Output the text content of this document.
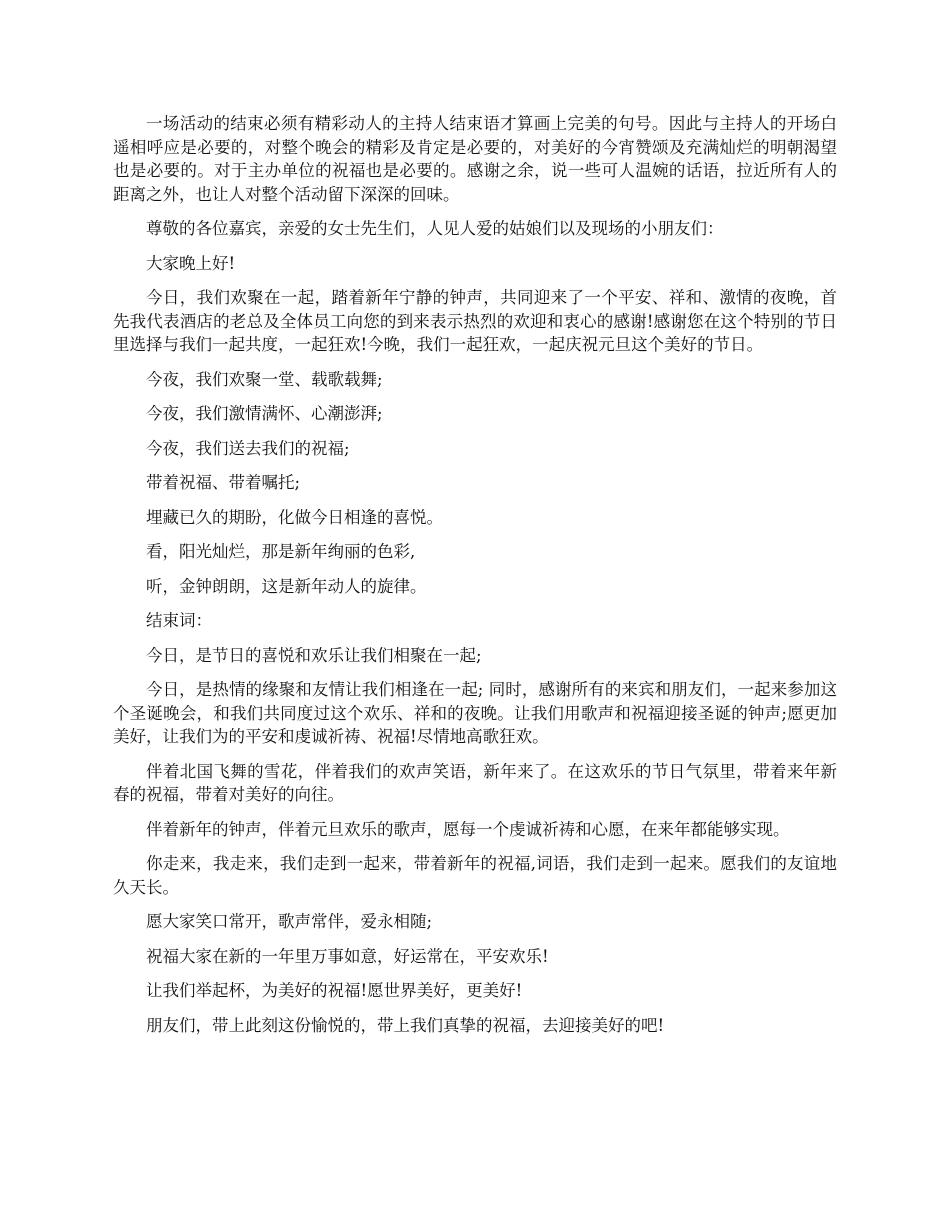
一场活动的结束必须有精彩动人的主持人结束语才算画上完美的句号。因此与主持人的开场白遥相呼应是必要的，对整个晚会的精彩及肯定是必要的，对美好的今宵赞颂及充满灿烂的明朝渴望也是必要的。对于主办单位的祝福也是必要的。感谢之余，说一些可人温婉的话语，拉近所有人的距离之外，也让人对整个活动留下深深的回味。

尊敬的各位嘉宾，亲爱的女士先生们，人见人爱的姑娘们以及现场的小朋友们：

大家晚上好!

今日，我们欢聚在一起，踏着新年宁静的钟声，共同迎来了一个平安、祥和、激情的夜晚，首先我代表酒店的老总及全体员工向您的到来表示热烈的欢迎和衷心的感谢!感谢您在这个特别的节日里选择与我们一起共度，一起狂欢!今晚，我们一起狂欢，一起庆祝元旦这个美好的节日。

今夜，我们欢聚一堂、载歌载舞;

今夜，我们激情满怀、心潮澎湃;

今夜，我们送去我们的祝福;

带着祝福、带着嘱托;

埋藏已久的期盼，化做今日相逢的喜悦。

看，阳光灿烂，那是新年绚丽的色彩,

听，金钟朗朗，这是新年动人的旋律。

结束词：

今日，是节日的喜悦和欢乐让我们相聚在一起;

今日，是热情的缘聚和友情让我们相逢在一起; 同时，感谢所有的来宾和朋友们，一起来参加这个圣诞晚会，和我们共同度过这个欢乐、祥和的夜晚。让我们用歌声和祝福迎接圣诞的钟声;愿更加美好，让我们为的平安和虔诚祈祷、祝福!尽情地高歌狂欢。

伴着北国飞舞的雪花，伴着我们的欢声笑语，新年来了。在这欢乐的节日气氛里，带着来年新春的祝福，带着对美好的向往。

伴着新年的钟声，伴着元旦欢乐的歌声，愿每一个虔诚祈祷和心愿，在来年都能够实现。

你走来，我走来，我们走到一起来，带着新年的祝福,词语，我们走到一起来。愿我们的友谊地久天长。

愿大家笑口常开，歌声常伴，爱永相随;

祝福大家在新的一年里万事如意，好运常在，平安欢乐!

让我们举起杯，为美好的祝福!愿世界美好，更美好!

朋友们，带上此刻这份愉悦的，带上我们真挚的祝福，去迎接美好的吧!
